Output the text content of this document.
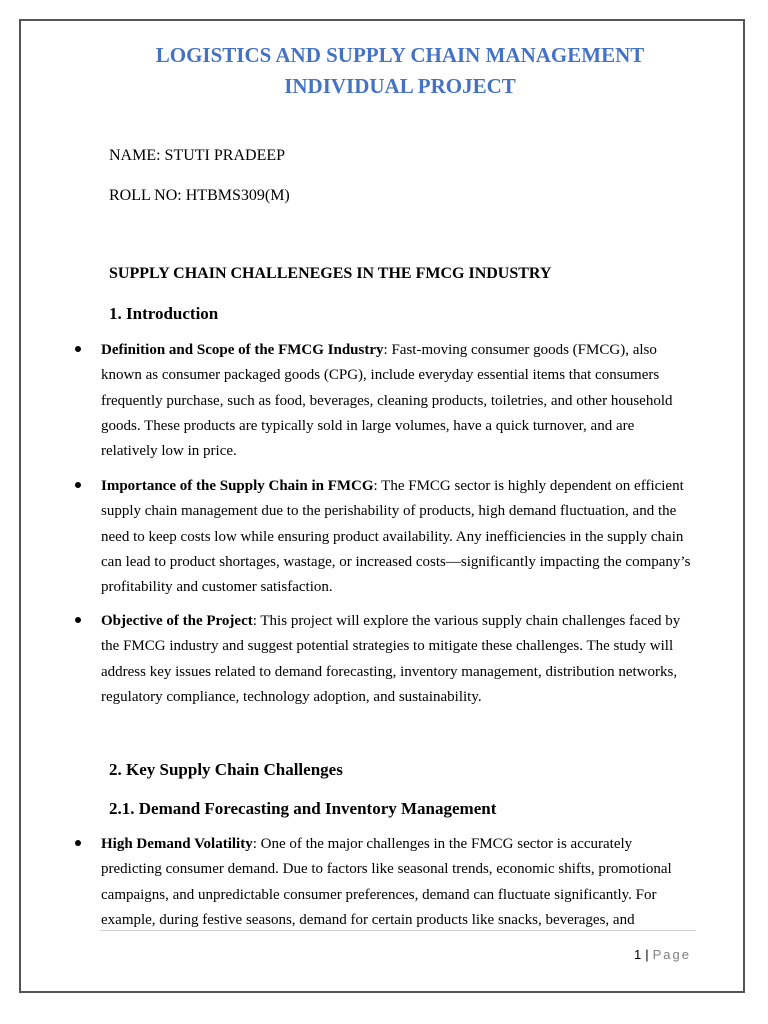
LOGISTICS AND SUPPLY CHAIN MANAGEMENT
INDIVIDUAL PROJECT
NAME: STUTI PRADEEP
ROLL NO: HTBMS309(M)
SUPPLY CHAIN CHALLENEGES IN THE FMCG INDUSTRY
1. Introduction
Definition and Scope of the FMCG Industry: Fast-moving consumer goods (FMCG), also known as consumer packaged goods (CPG), include everyday essential items that consumers frequently purchase, such as food, beverages, cleaning products, toiletries, and other household goods. These products are typically sold in large volumes, have a quick turnover, and are relatively low in price.
Importance of the Supply Chain in FMCG: The FMCG sector is highly dependent on efficient supply chain management due to the perishability of products, high demand fluctuation, and the need to keep costs low while ensuring product availability. Any inefficiencies in the supply chain can lead to product shortages, wastage, or increased costs—significantly impacting the company’s profitability and customer satisfaction.
Objective of the Project: This project will explore the various supply chain challenges faced by the FMCG industry and suggest potential strategies to mitigate these challenges. The study will address key issues related to demand forecasting, inventory management, distribution networks, regulatory compliance, technology adoption, and sustainability.
2. Key Supply Chain Challenges
2.1. Demand Forecasting and Inventory Management
High Demand Volatility: One of the major challenges in the FMCG sector is accurately predicting consumer demand. Due to factors like seasonal trends, economic shifts, promotional campaigns, and unpredictable consumer preferences, demand can fluctuate significantly. For example, during festive seasons, demand for certain products like snacks, beverages, and
1 | Page
